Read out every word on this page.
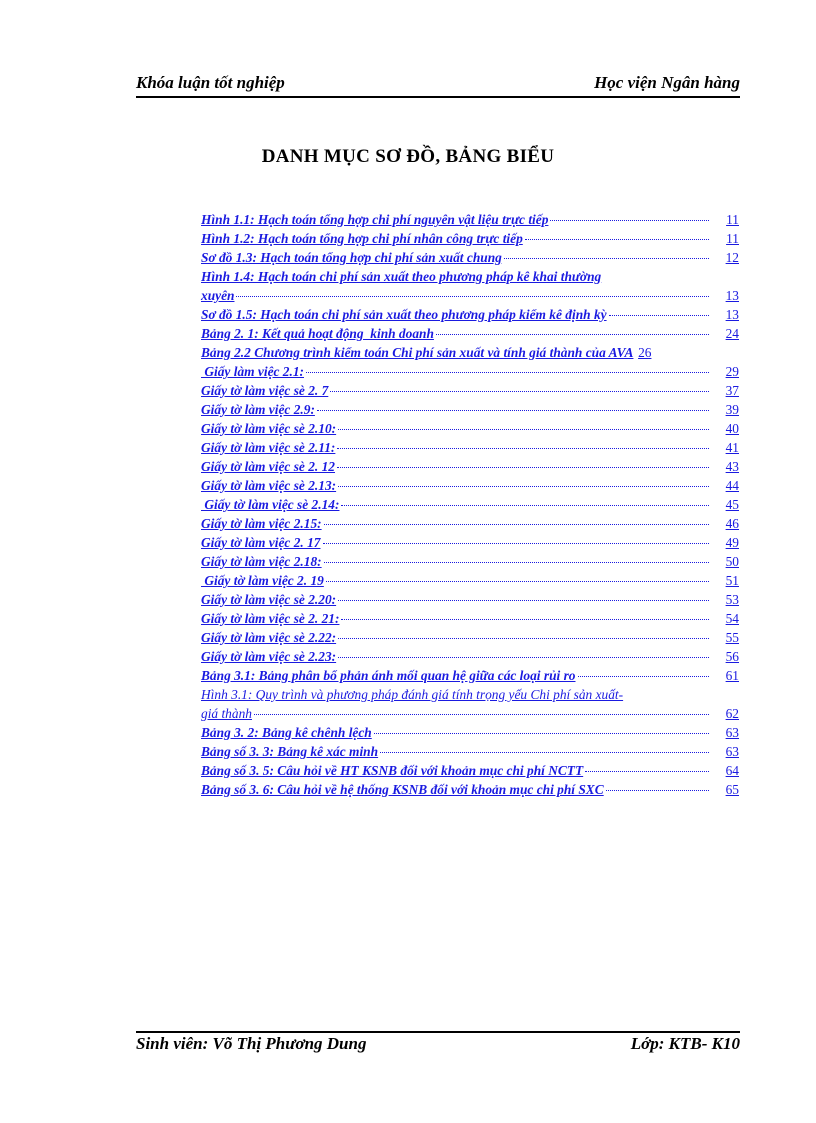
Khóa luận tốt nghiệp	Học viện Ngân hàng
DANH MỤC SƠ ĐỒ, BẢNG BIỂU
Hình 1.1: Hạch toán tổng hợp chi phí nguyên vật liệu trực tiếp	11
Hình 1.2: Hạch toán tổng hợp chi phí nhân công trực tiếp	11
Sơ đồ 1.3: Hạch toán tổng hợp chi phí sản xuất chung	12
Hình 1.4: Hạch toán chi phí sản xuất theo phương pháp kê khai thường
xuyên	13
Sơ đồ 1.5: Hạch toán chi phí sản xuất theo phương pháp kiểm kê định kỳ	13
Bảng 2. 1: Kết quả hoạt động  kinh doanh	24
Bảng 2.2 Chương trình kiểm toán Chi phí sản xuất và tính giá thành của AVA 26
Giấy làm việc 2.1:	29
Giấy tờ làm việc sè 2. 7	37
Giấy tờ làm việc 2.9:	39
Giấy tờ làm việc sè 2.10:	40
Giấy tờ làm việc sè 2.11:	41
Giấy tờ làm việc sè 2. 12	43
Giấy tờ làm việc sè 2.13:	44
Giấy tờ làm việc sè 2.14:	45
Giấy tờ làm việc 2.15:	46
Giấy tờ làm việc 2. 17	49
Giấy tờ làm việc 2.18:	50
Giấy tờ làm việc 2. 19	51
Giấy tờ làm việc sè 2.20:	53
Giấy tờ làm việc sè 2. 21:	54
Giấy tờ làm việc sè 2.22:	55
Giấy tờ làm việc sè 2.23:	56
Bảng 3.1: Bảng phân bổ phản ánh mối quan hệ giữa các loại rủi ro	61
Hình 3.1: Quy trình và phương pháp đánh giá tính trọng yếu Chi phí sản xuất-
giá thành	62
Bảng 3. 2: Bảng kê chênh lệch	63
Bảng số 3. 3: Bảng kê xác minh	63
Bảng số 3. 5: Câu hỏi về HT KSNB đối với khoản mục chi phí NCTT	64
Bảng số 3. 6: Câu hỏi về hệ thống KSNB đối với khoản mục chi phí SXC	65
Sinh viên: Võ Thị Phương Dung	Lớp: KTB- K10
